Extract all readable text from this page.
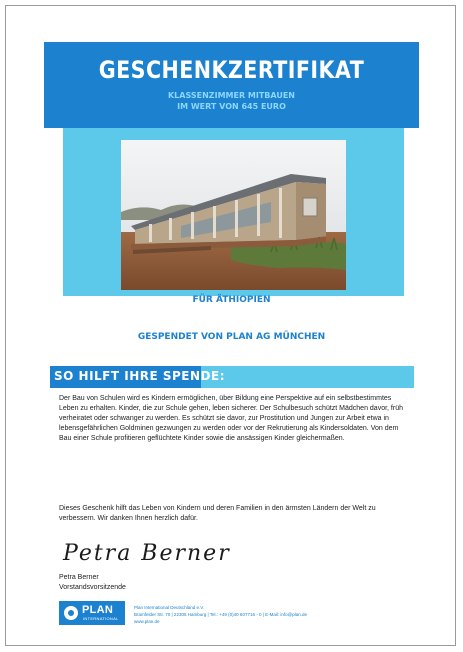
GESCHENKZERTIFIKAT
KLASSENZIMMER MITBAUEN
IM WERT VON 645 EURO
FÜR ÄTHIOPIEN
GESPENDET VON PLAN AG MÜNCHEN
SO HILFT IHRE SPENDE:
Der Bau von Schulen wird es Kindern ermöglichen, über Bildung eine Perspektive auf ein selbstbestimmtes Leben zu erhalten. Kinder, die zur Schule gehen, leben sicherer. Der Schulbesuch schützt Mädchen davor, früh verheiratet oder schwanger zu werden. Es schützt sie davor, zur Prostitution und Jungen zur Arbeit etwa in lebensgefährlichen Goldminen gezwungen zu werden oder vor der Rekrutierung als Kindersoldaten. Von dem Bau einer Schule profitieren geflüchtete Kinder sowie die ansässigen Kinder gleichermaßen.
Dieses Geschenk hilft das Leben von Kindern und deren Familien in den ärmsten Ländern der Welt zu verbessern. Wir danken Ihnen herzlich dafür.
Petra Berner
Petra Berner
Vorstandsvorsitzende
PLAN
INTERNATIONAL
Plan International Deutschland e.V.
Bramfelder Str. 70 | 22305 Hamburg | Tel.: +49 (0)40 607716 - 0 | E-Mail: info@plan.de
www.plan.de
